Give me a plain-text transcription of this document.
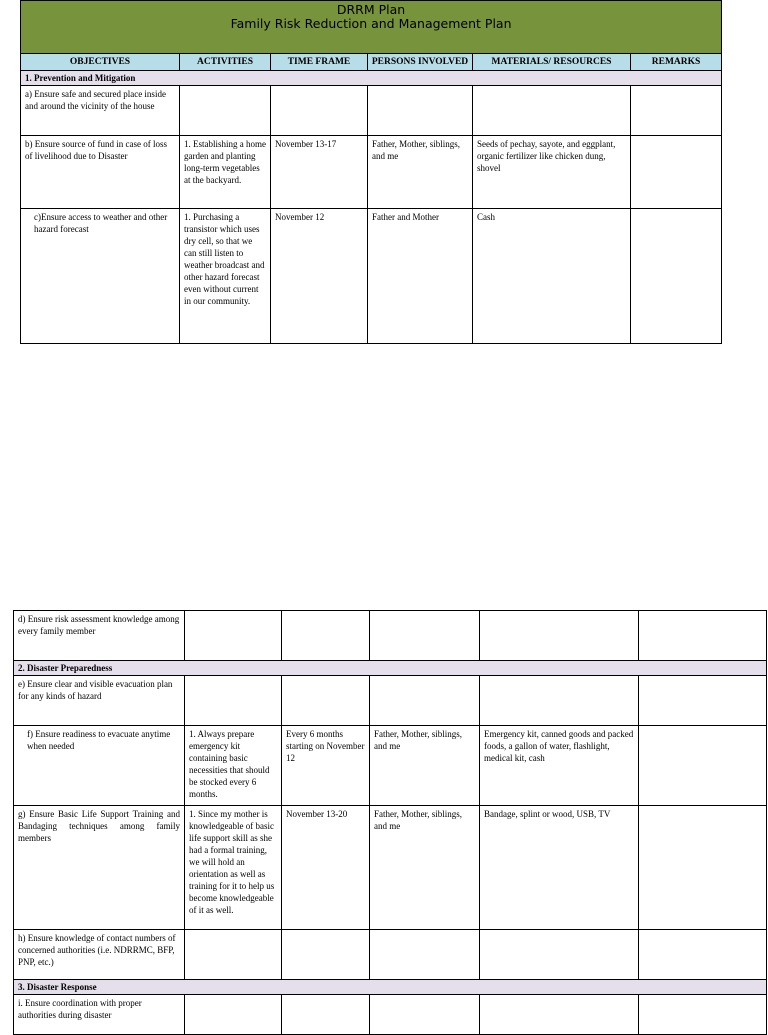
DRRM Plan
Family Risk Reduction and Management Plan					

OBJECTIVES	ACTIVITIES	TIME FRAME	PERSONS INVOLVED	MATERIALS/ RESOURCES	REMARKS
1. Prevention and Mitigation					
a) Ensure safe and secured place inside and around the vicinity of the house					
b) Ensure source of fund in case of loss of livelihood due to Disaster	1. Establishing a home garden and planting long-term vegetables at the backyard.	November 13-17	Father, Mother, siblings, and me	Seeds of pechay, sayote, and eggplant, organic fertilizer like chicken dung, shovel	
c)Ensure access to weather and other hazard forecast	1. Purchasing a transistor which uses dry cell, so that we can still listen to weather broadcast and other hazard forecast even without current in our community.	November 12	Father and Mother	Cash	
d) Ensure risk assessment knowledge among every family member					
2. Disaster Preparedness					
e) Ensure clear and visible evacuation plan for any kinds of hazard					
f) Ensure readiness to evacuate anytime when needed	1. Always prepare emergency kit containing basic necessities that should be stocked every 6 months.	Every 6 months starting on November 12	Father, Mother, siblings, and me	Emergency kit, canned goods and packed foods, a gallon of water, flashlight, medical kit, cash	
g) Ensure Basic Life Support Training and Bandaging techniques among family members	1. Since my mother is knowledgeable of basic life support skill as she had a formal training, we will hold an orientation as well as training for it to help us become knowledgeable of it as well.	November 13-20	Father, Mother, siblings, and me	Bandage, splint or wood, USB, TV	
h) Ensure knowledge of contact numbers of concerned authorities (i.e. NDRRMC, BFP, PNP, etc.)					
3. Disaster Response					
i. Ensure coordination with proper authorities during disaster					
